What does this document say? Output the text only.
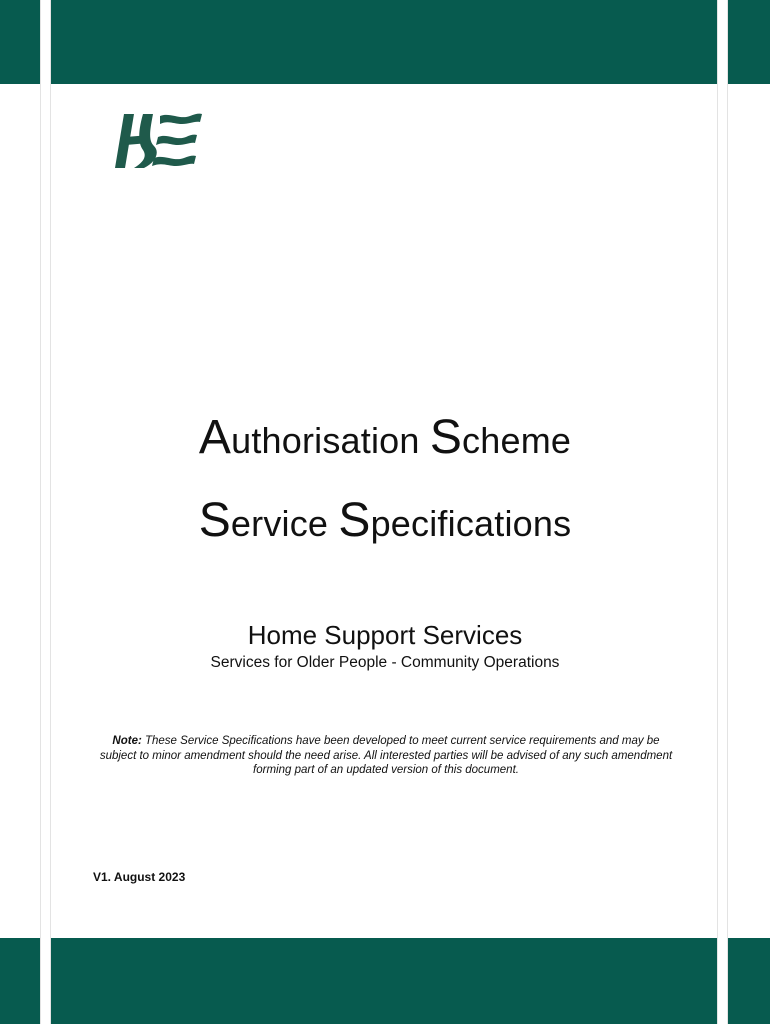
Authorisation Scheme
Service Specifications
Home Support Services
Services for Older People - Community Operations
Note: These Service Specifications have been developed to meet current service requirements and may be subject to minor amendment should the need arise. All interested parties will be advised of any such amendment forming part of an updated version of this document.
V1. August 2023
